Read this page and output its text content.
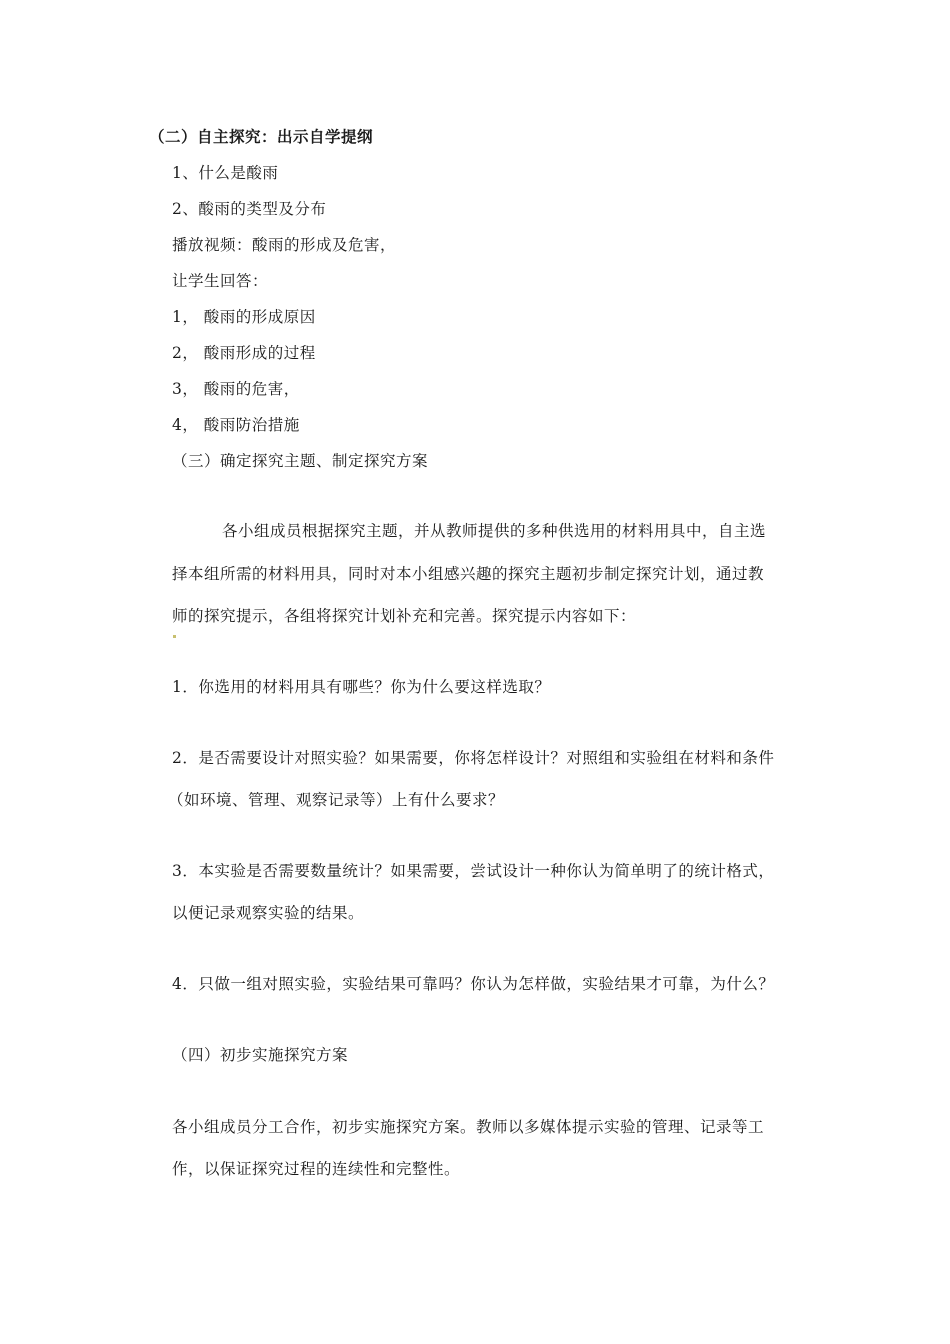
（二）自主探究：出示自学提纲
1、什么是酸雨
2、酸雨的类型及分布
播放视频：酸雨的形成及危害，
让学生回答：
1， 酸雨的形成原因
2， 酸雨形成的过程
3， 酸雨的危害，
4， 酸雨防治措施
（三）确定探究主题、制定探究方案
各小组成员根据探究主题，并从教师提供的多种供选用的材料用具中，自主选
择本组所需的材料用具，同时对本小组感兴趣的探究主题初步制定探究计划，通过教
师的探究提示，各组将探究计划补充和完善。探究提示内容如下：
1．你选用的材料用具有哪些？你为什么要这样选取？
2．是否需要设计对照实验？如果需要，你将怎样设计？对照组和实验组在材料和条件
（如环境、管理、观察记录等）上有什么要求？
3．本实验是否需要数量统计？如果需要，尝试设计一种你认为简单明了的统计格式，
以便记录观察实验的结果。
4．只做一组对照实验，实验结果可靠吗？你认为怎样做，实验结果才可靠，为什么？
（四）初步实施探究方案
各小组成员分工合作，初步实施探究方案。教师以多媒体提示实验的管理、记录等工
作，以保证探究过程的连续性和完整性。
